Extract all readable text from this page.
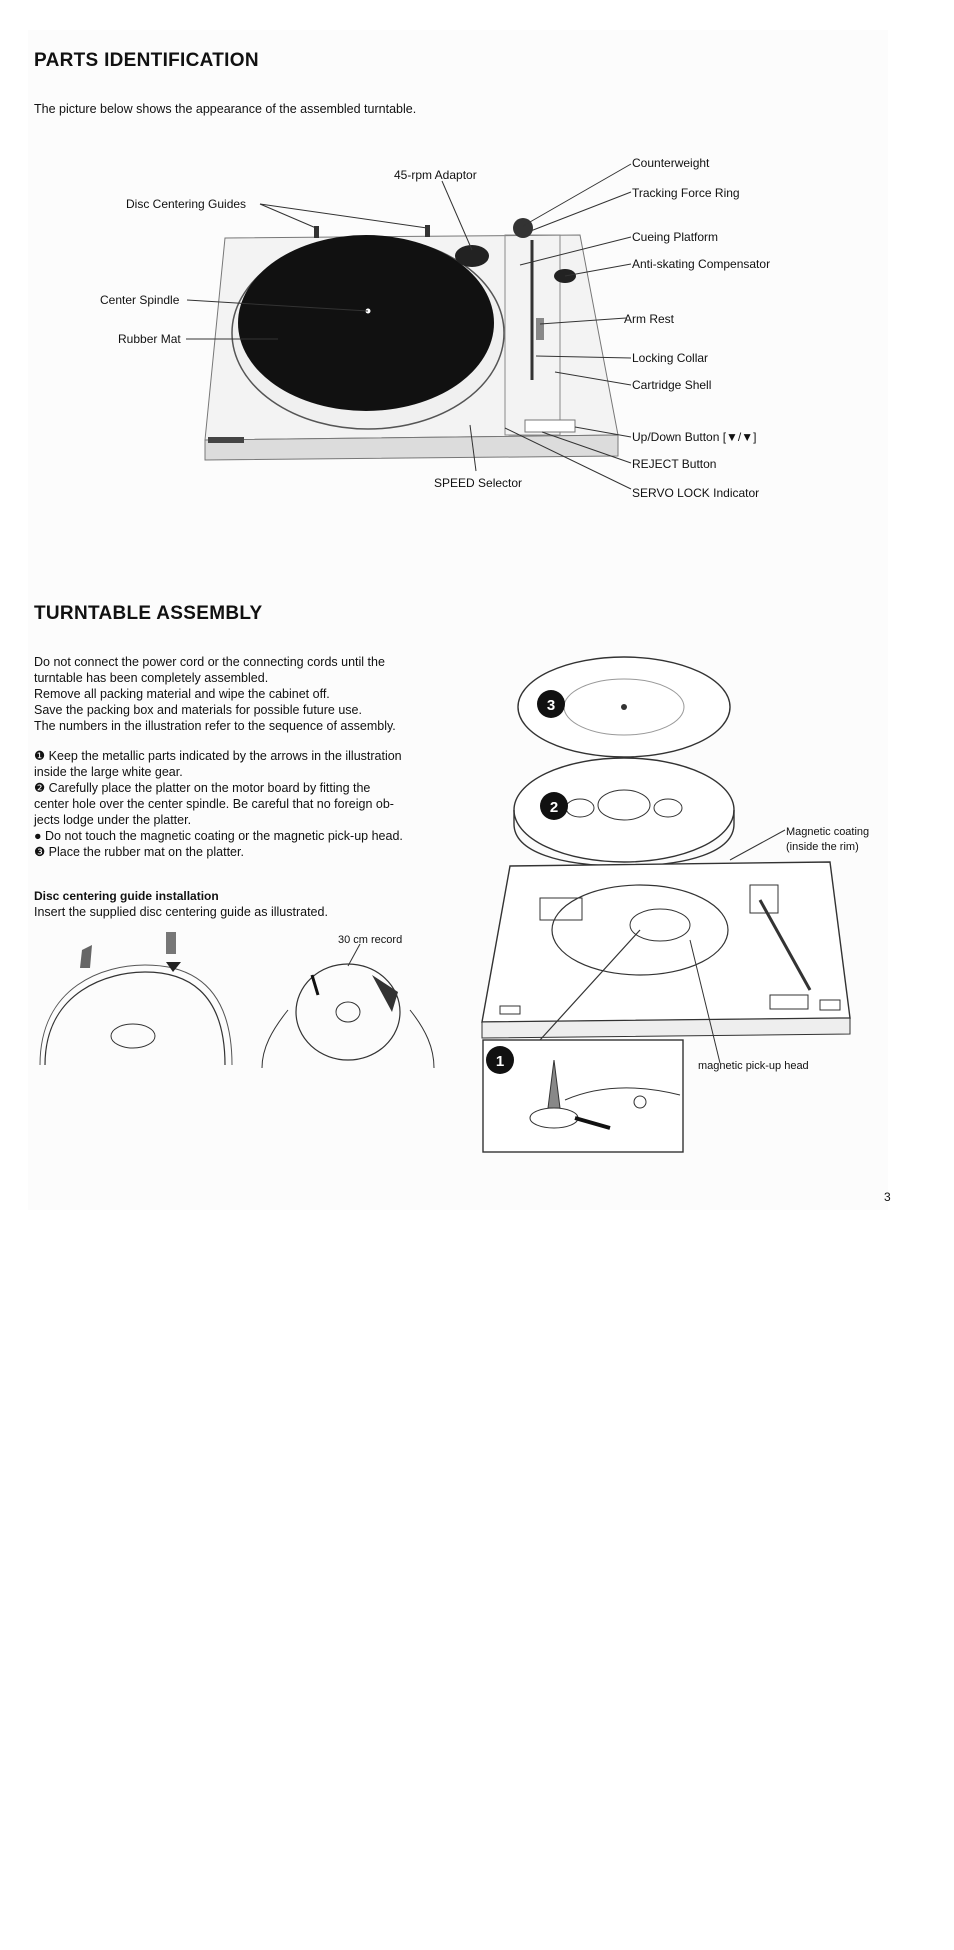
PARTS IDENTIFICATION
The picture below shows the appearance of the assembled turntable.
45-rpm Adaptor
Disc Centering Guides
Center Spindle
Rubber Mat
SPEED Selector
Counterweight
Tracking Force Ring
Cueing Platform
Anti-skating Compensator
Arm Rest
Locking Collar
Cartridge Shell
Up/Down Button [▼/▼]
REJECT Button
SERVO LOCK Indicator
TURNTABLE ASSEMBLY
Do not connect the power cord or the connecting cords until the
turntable has been completely assembled.
Remove all packing material and wipe the cabinet off.
Save the packing box and materials for possible future use.
The numbers in the illustration refer to the sequence of assembly.
❶ Keep the metallic parts indicated by the arrows in the illustration
inside the large white gear.
❷ Carefully place the platter on the motor board by fitting the
center hole over the center spindle. Be careful that no foreign ob-
jects lodge under the platter.
● Do not touch the magnetic coating or the magnetic pick-up head.
❸ Place the rubber mat on the platter.
Disc centering guide installation
Insert the supplied disc centering guide as illustrated.
30 cm record
3
2
1
Magnetic coating
(inside the rim)
magnetic pick-up head
3
